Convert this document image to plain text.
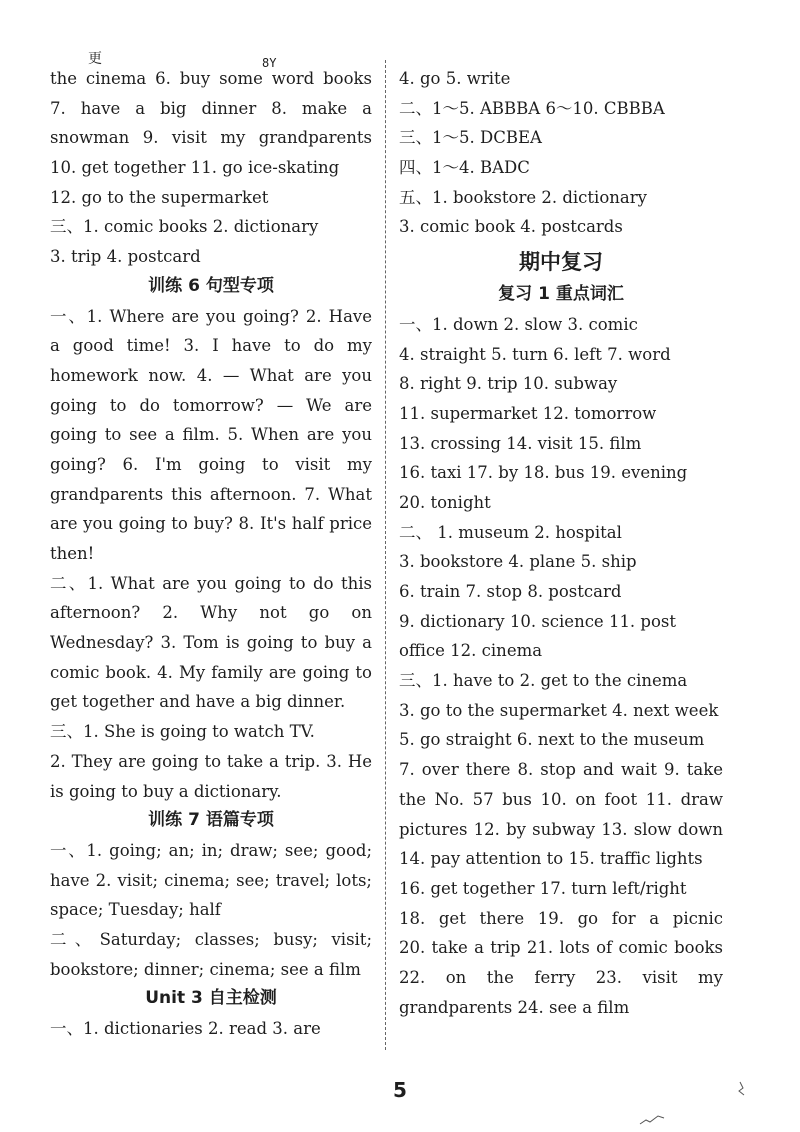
更	8Y
the cinema 6. buy some word books
7. have a big dinner 8. make a
snowman 9. visit my grandparents
10. get together 11. go ice-skating
12. go to the supermarket
三、1. comic books 2. dictionary
3. trip 4. postcard
训练 6 句型专项
一、1. Where are you going? 2. Have
a good time! 3. I have to do my
homework now. 4. — What are you
going to do tomorrow? — We are
going to see a film. 5. When are you
going? 6. I'm going to visit my
grandparents this afternoon. 7. What
are you going to buy? 8. It's half price
then!
二、1. What are you going to do this
afternoon? 2. Why not go on
Wednesday? 3. Tom is going to buy a
comic book. 4. My family are going to
get together and have a big dinner.
三、1. She is going to watch TV.
2. They are going to take a trip. 3. He
is going to buy a dictionary.
训练 7 语篇专项
一、1. going; an; in; draw; see; good;
have 2. visit; cinema; see; travel; lots;
space; Tuesday; half
二、Saturday; classes; busy; visit;
bookstore; dinner; cinema; see a film
Unit 3 自主检测
一、1. dictionaries 2. read 3. are
4. go 5. write
二、1～5. ABBBA 6～10. CBBBA
三、1～5. DCBEA
四、1～4. BADC
五、1. bookstore 2. dictionary
3. comic book 4. postcards
期中复习
复习 1 重点词汇
一、1. down 2. slow 3. comic
4. straight 5. turn 6. left 7. word
8. right 9. trip 10. subway
11. supermarket 12. tomorrow
13. crossing 14. visit 15. film
16. taxi 17. by 18. bus 19. evening
20. tonight
二、 1. museum 2. hospital
3. bookstore 4. plane 5. ship
6. train 7. stop 8. postcard
9. dictionary 10. science 11. post
office 12. cinema
三、1. have to 2. get to the cinema
3. go to the supermarket 4. next week
5. go straight 6. next to the museum
7. over there 8. stop and wait 9. take
the No. 57 bus 10. on foot 11. draw
pictures 12. by subway 13. slow down
14. pay attention to 15. traffic lights
16. get together 17. turn left/right
18. get there 19. go for a picnic
20. take a trip 21. lots of comic books
22. on the ferry 23. visit my
grandparents 24. see a film
5
